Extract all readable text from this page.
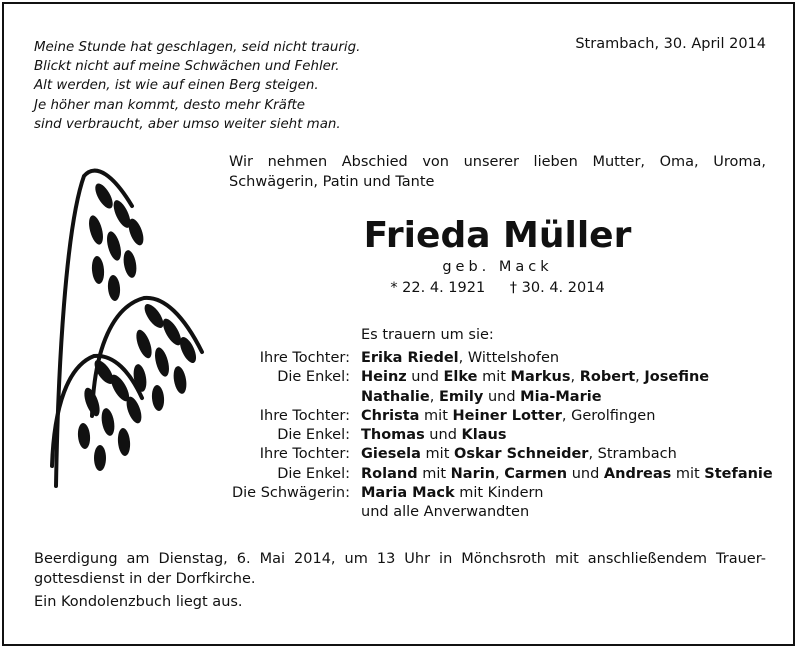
Meine Stunde hat geschlagen, seid nicht traurig.
Blickt nicht auf meine Schwächen und Fehler.
Alt werden, ist wie auf einen Berg steigen.
Je höher man kommt, desto mehr Kräfte
sind verbraucht, aber umso weiter sieht man.
Strambach, 30. April 2014
Wir nehmen Abschied von unserer lieben Mutter, Oma, Uroma,
Schwägerin, Patin und Tante
Frieda Müller
geb. Mack
* 22. 4. 1921 † 30. 4. 2014
Es trauern um sie:
Ihre Tochter: Erika Riedel, Wittelshofen
Die Enkel: Heinz und Elke mit Markus, Robert, Josefine
Nathalie, Emily und Mia-Marie
Ihre Tochter: Christa mit Heiner Lotter, Gerolfingen
Die Enkel: Thomas und Klaus
Ihre Tochter: Giesela mit Oskar Schneider, Strambach
Die Enkel: Roland mit Narin, Carmen und Andreas mit Stefanie
Die Schwägerin: Maria Mack mit Kindern
und alle Anverwandten
Beerdigung am Dienstag, 6. Mai 2014, um 13 Uhr in Mönchsroth mit anschließendem Trauer-
gottesdienst in der Dorfkirche.
Ein Kondolenzbuch liegt aus.
